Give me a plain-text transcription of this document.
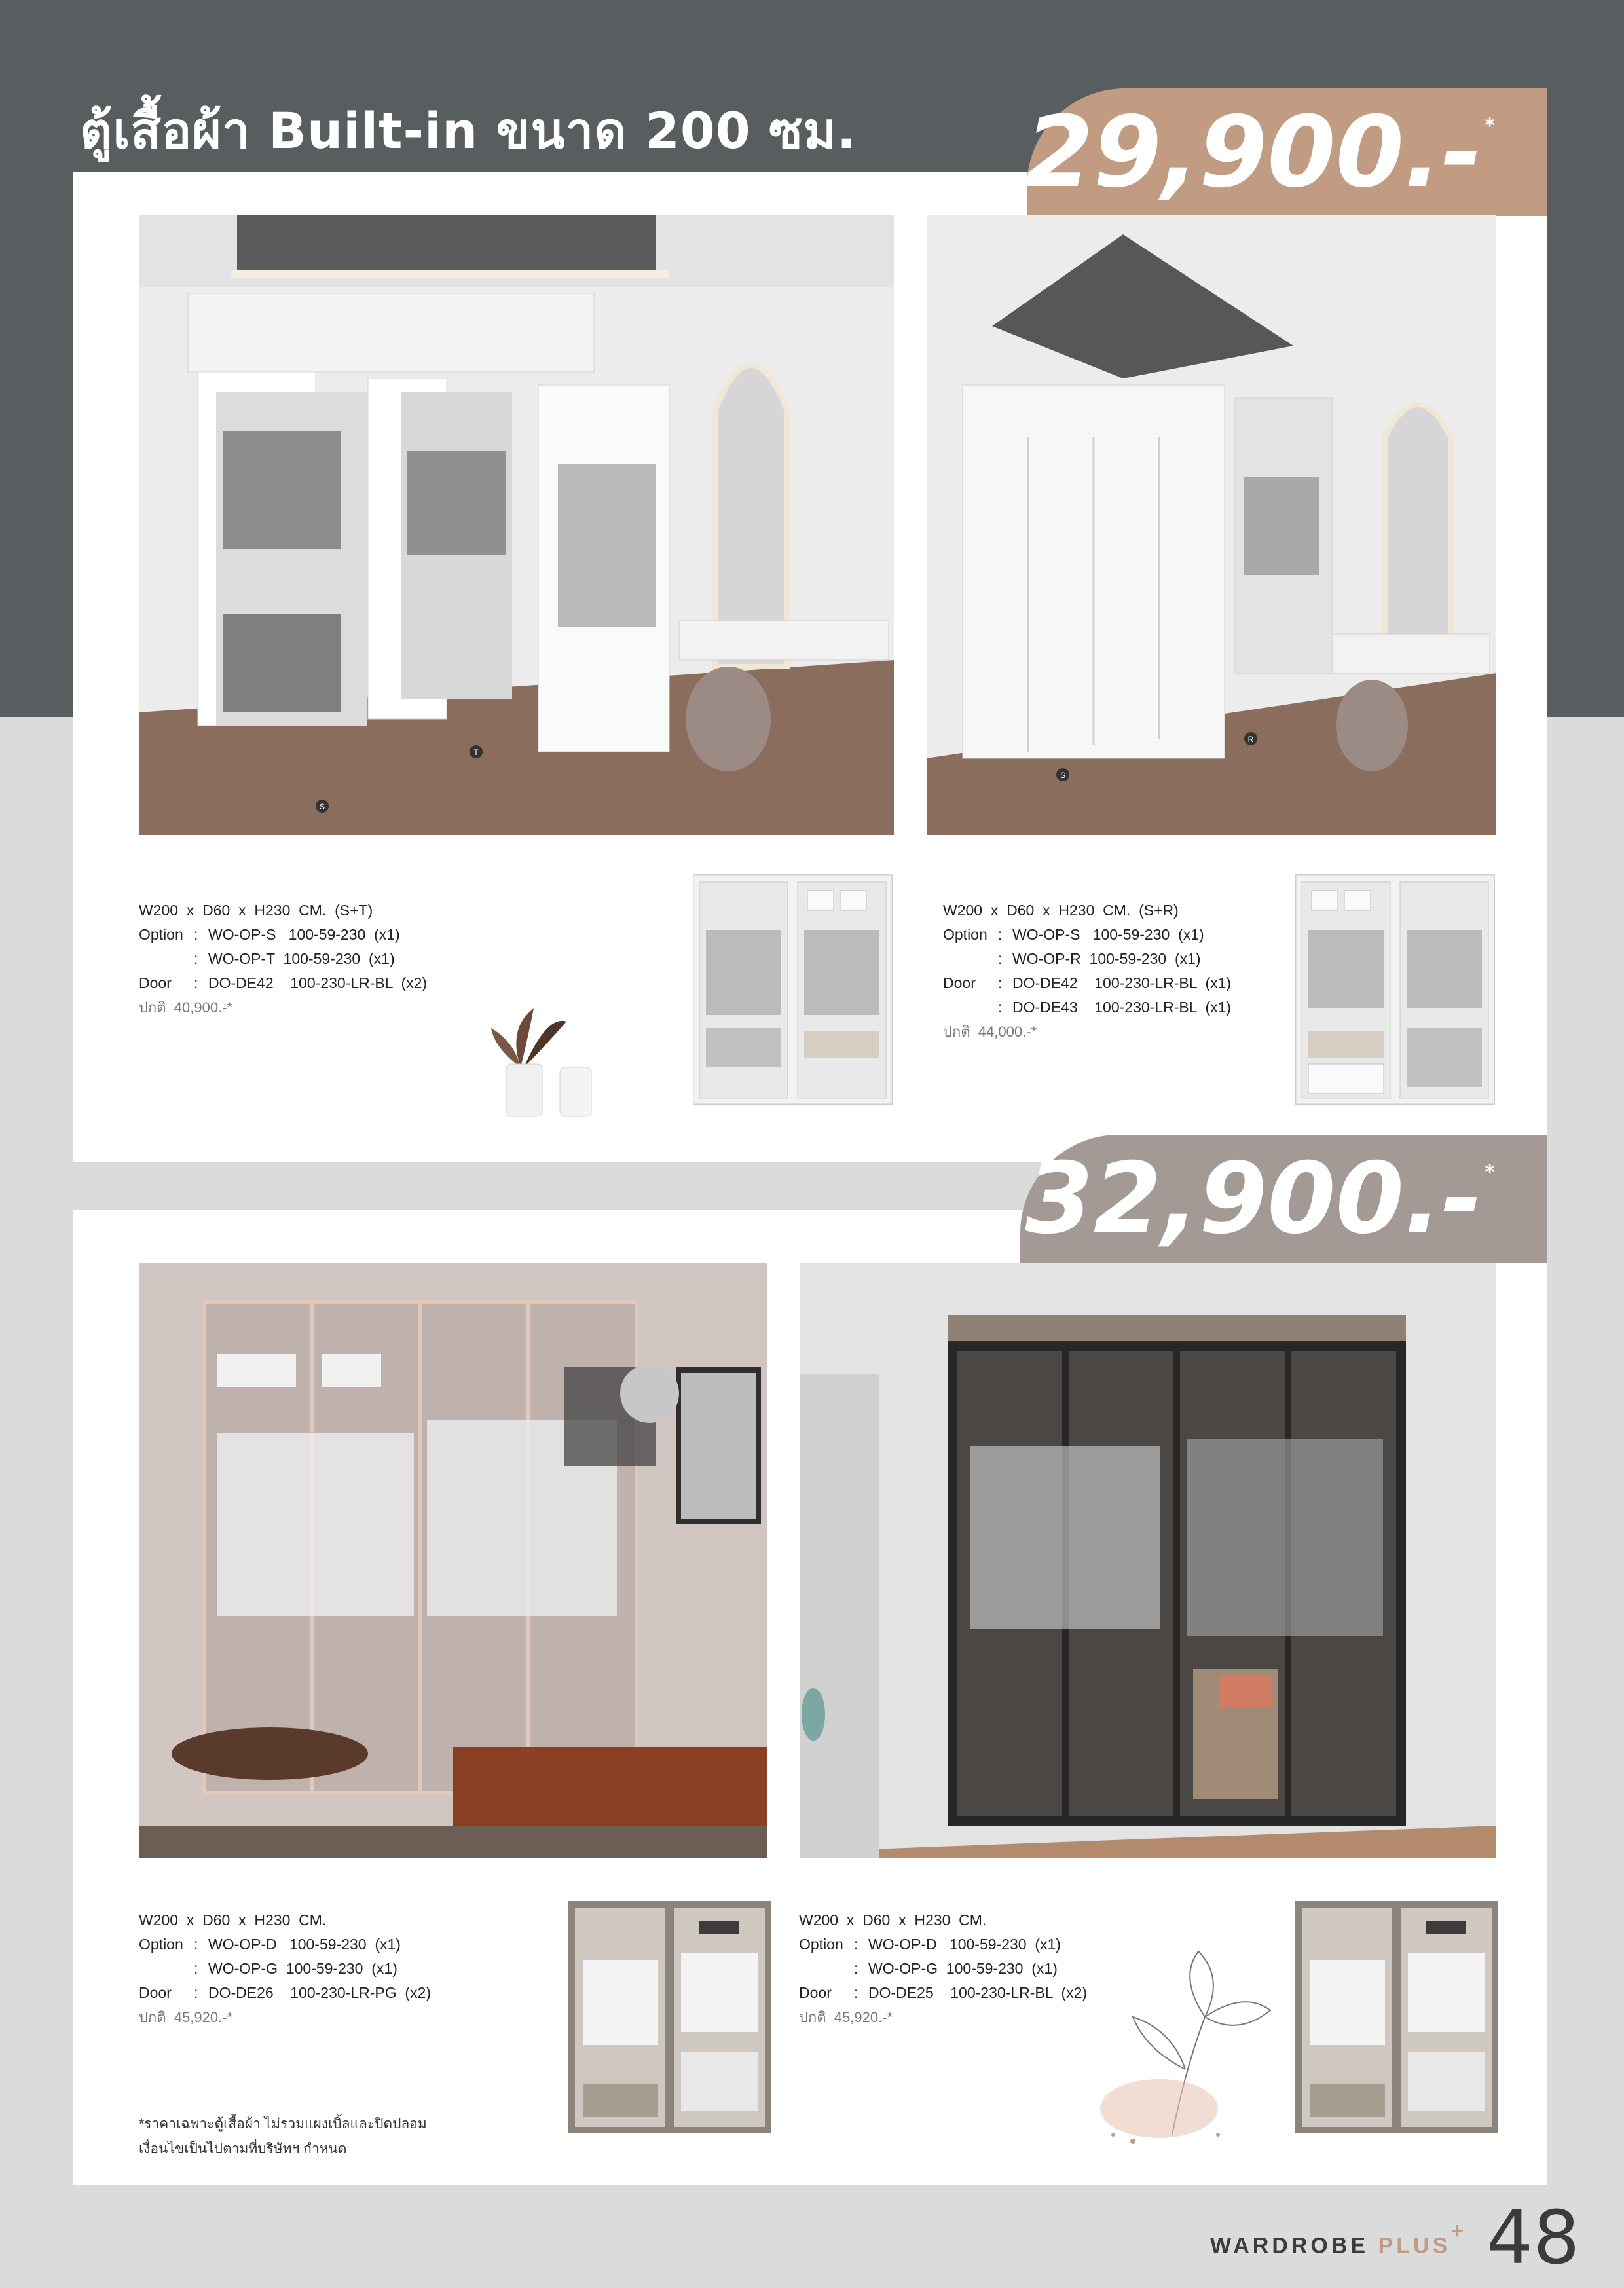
ตู้เสื้อผ้า Built-in ขนาด 200 ซม. 29,900.-*
T
S
S
R
W200  x  D60  x  H230  CM.  (S+T)
Option : WO-OP-S   100-59-230  (x1)
: WO-OP-T  100-59-230  (x1)
Door	: DO-DE42    100-230-LR-BL  (x2)
ปกติ  40,900.-*
W200  x  D60  x  H230  CM.  (S+R)
Option : WO-OP-S   100-59-230  (x1)
: WO-OP-R  100-59-230  (x1)
Door	: DO-DE42    100-230-LR-BL  (x1)
: DO-DE43    100-230-LR-BL  (x1)
ปกติ  44,000.-*
32,900.-*
W200  x  D60  x  H230  CM.
Option : WO-OP-D   100-59-230  (x1)
: WO-OP-G  100-59-230  (x1)
Door	: DO-DE26    100-230-LR-PG  (x2)
ปกติ  45,920.-*
W200  x  D60  x  H230  CM.
Option : WO-OP-D   100-59-230  (x1)
: WO-OP-G  100-59-230  (x1)
Door	: DO-DE25    100-230-LR-BL  (x2)
ปกติ  45,920.-*
*ราคาเฉพาะตู้เสื้อผ้า ไม่รวมแผงเบิ้ลและปิดปลอม
เงื่อนไขเป็นไปตามที่บริษัทฯ กำหนด
WARDROBE PLUS+ 48
